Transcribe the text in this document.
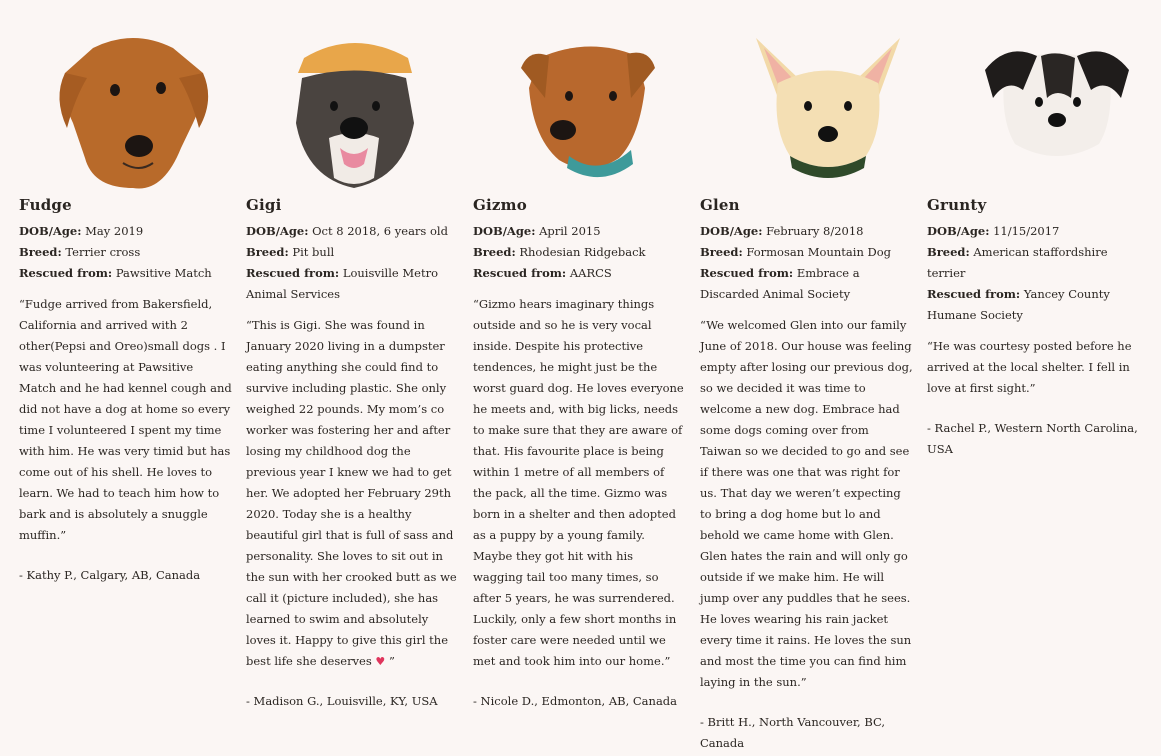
Fudge
DOB/Age: May 2019
Breed: Terrier cross
Rescued from: Pawsitive Match
“Fudge arrived from Bakersfield, California and arrived with 2 other(Pepsi and Oreo)small dogs . I was volunteering at Pawsitive Match and he had kennel cough and did not have a dog at home so every time I volunteered I spent my time with him. He was very timid but has come out of his shell. He loves to learn. We had to teach him how to bark and is absolutely a snuggle muffin.”
- Kathy P., Calgary, AB, Canada
Gigi
DOB/Age: Oct 8 2018, 6 years old
Breed: Pit bull
Rescued from: Louisville Metro Animal Services
“This is Gigi. She was found in January 2020 living in a dumpster eating anything she could find to survive including plastic. She only weighed 22 pounds. My mom’s co worker was fostering her and after losing my childhood dog the previous year I knew we had to get her. We adopted her February 29th 2020. Today she is a healthy beautiful girl that is full of sass and personality. She loves to sit out in the sun with her crooked butt as we call it (picture included), she has learned to swim and absolutely loves it. Happy to give this girl the best life she deserves ♥ ”
- Madison G., Louisville, KY, USA
Gizmo
DOB/Age: April 2015
Breed: Rhodesian Ridgeback
Rescued from: AARCS
“Gizmo hears imaginary things outside and so he is very vocal inside. Despite his protective tendences, he might just be the worst guard dog. He loves everyone he meets and, with big licks, needs to make sure that they are aware of that. His favourite place is being within 1 metre of all members of the pack, all the time. Gizmo was born in a shelter and then adopted as a puppy by a young family. Maybe they got hit with his wagging tail too many times, so after 5 years, he was surrendered. Luckily, only a few short months in foster care were needed until we met and took him into our home.”
- Nicole D., Edmonton, AB, Canada
Glen
DOB/Age: February 8/2018
Breed: Formosan Mountain Dog
Rescued from: Embrace a Discarded Animal Society
“We welcomed Glen into our family June of 2018. Our house was feeling empty after losing our previous dog, so we decided it was time to welcome a new dog. Embrace had some dogs coming over from Taiwan so we decided to go and see if there was one that was right for us. That day we weren’t expecting to bring a dog home but lo and behold we came home with Glen. Glen hates the rain and will only go outside if we make him. He will jump over any puddles that he sees. He loves wearing his rain jacket every time it rains. He loves the sun and most the time you can find him laying in the sun.”
- Britt H., North Vancouver, BC, Canada
Grunty
DOB/Age: 11/15/2017
Breed: American staffordshire terrier
Rescued from: Yancey County Humane Society
“He was courtesy posted before he arrived at the local shelter. I fell in love at first sight.”
- Rachel P., Western North Carolina, USA
